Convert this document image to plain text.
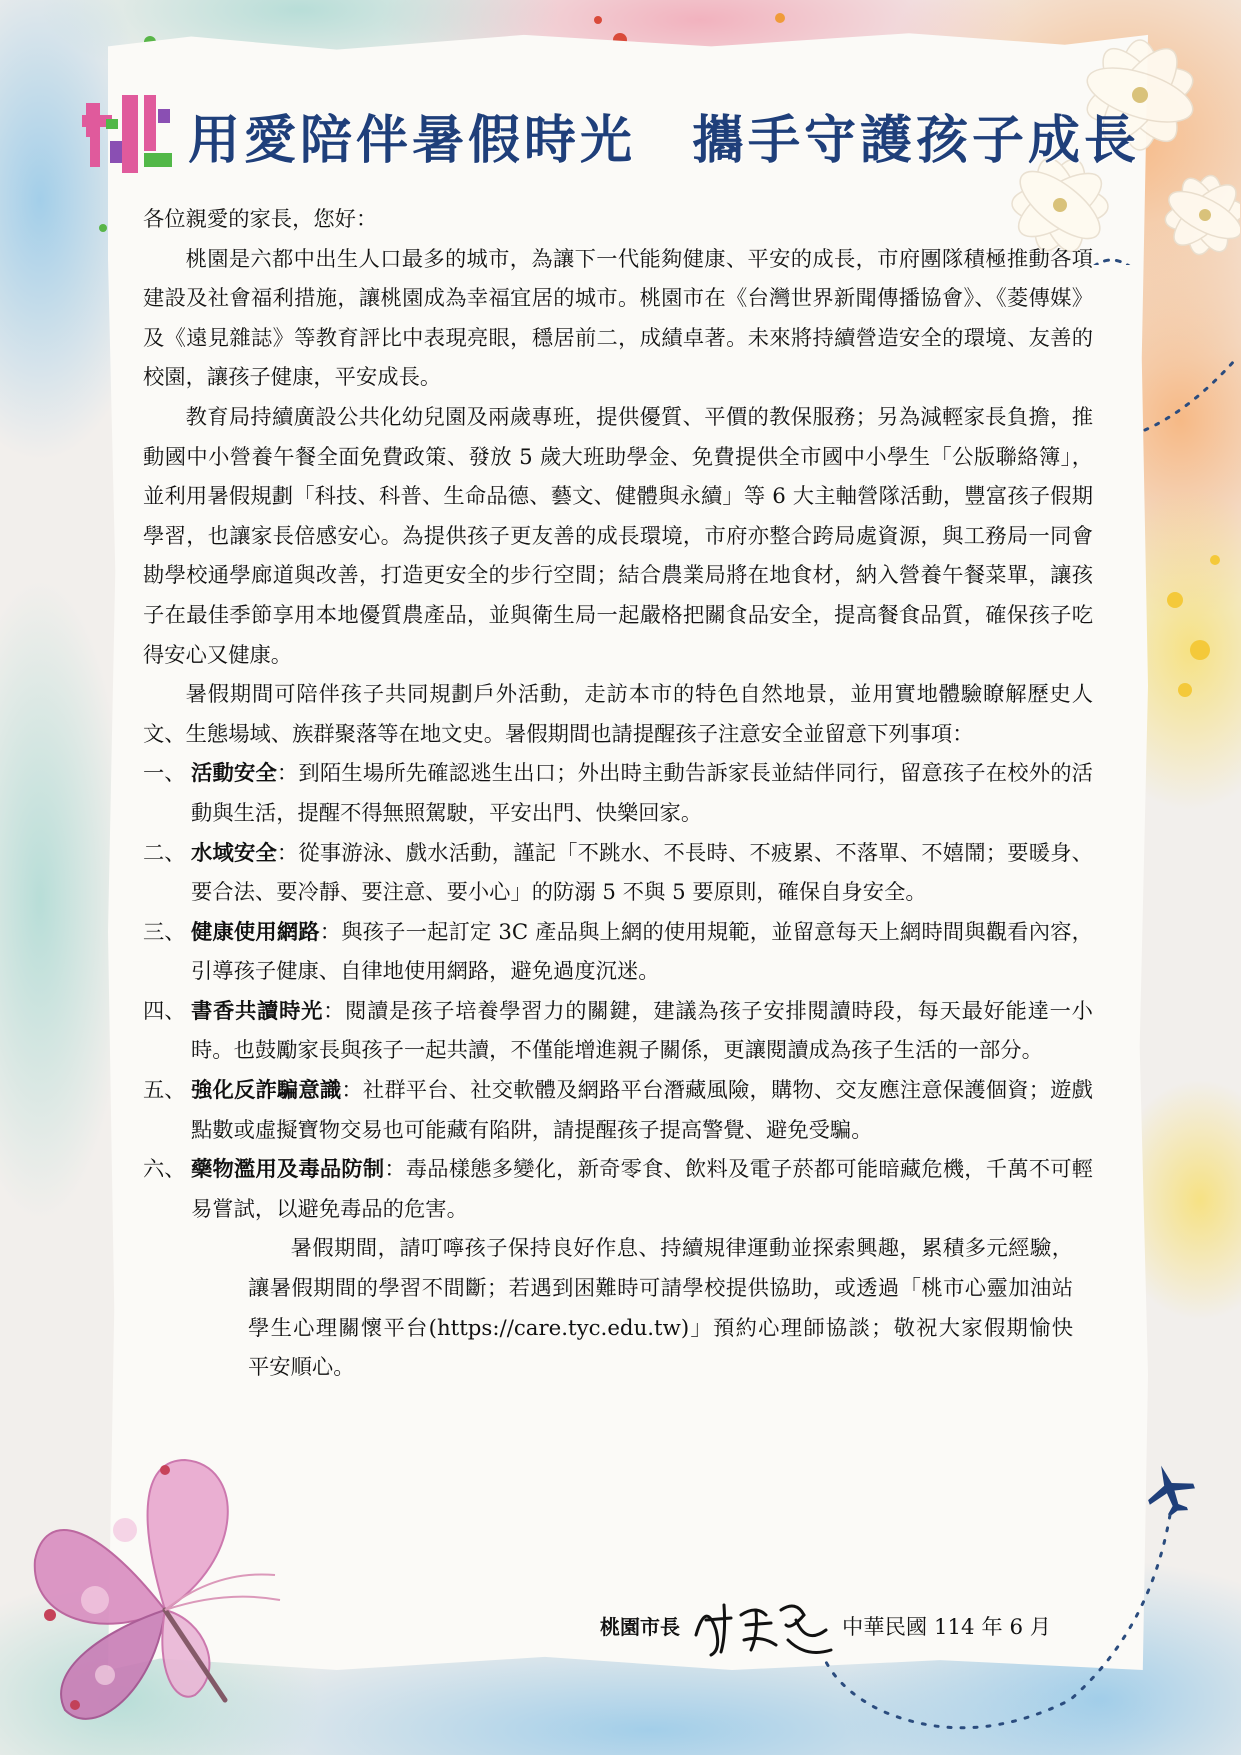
用愛陪伴暑假時光　攜手守護孩子成長

各位親愛的家長，您好：

桃園是六都中出生人口最多的城市，為讓下一代能夠健康、平安的成長，市府團隊積極推動各項建設及社會福利措施，讓桃園成為幸福宜居的城市。桃園市在《台灣世界新聞傳播協會》、《菱傳媒》及《遠見雜誌》等教育評比中表現亮眼，穩居前二，成績卓著。未來將持續營造安全的環境、友善的校園，讓孩子健康，平安成長。

教育局持續廣設公共化幼兒園及兩歲專班，提供優質、平價的教保服務；另為減輕家長負擔，推動國中小營養午餐全面免費政策、發放 5 歲大班助學金、免費提供全市國中小學生「公版聯絡簿」，並利用暑假規劃「科技、科普、生命品德、藝文、健體與永續」等 6 大主軸營隊活動，豐富孩子假期學習，也讓家長倍感安心。為提供孩子更友善的成長環境，市府亦整合跨局處資源，與工務局一同會勘學校通學廊道與改善，打造更安全的步行空間；結合農業局將在地食材，納入營養午餐菜單，讓孩子在最佳季節享用本地優質農產品，並與衛生局一起嚴格把關食品安全，提高餐食品質，確保孩子吃得安心又健康。

暑假期間可陪伴孩子共同規劃戶外活動，走訪本市的特色自然地景，並用實地體驗瞭解歷史人文、生態場域、族群聚落等在地文史。暑假期間也請提醒孩子注意安全並留意下列事項：

一、 活動安全：到陌生場所先確認逃生出口；外出時主動告訴家長並結伴同行，留意孩子在校外的活動與生活，提醒不得無照駕駛，平安出門、快樂回家。
二、 水域安全：從事游泳、戲水活動，謹記「不跳水、不長時、不疲累、不落單、不嬉鬧；要暖身、要合法、要冷靜、要注意、要小心」的防溺 5 不與 5 要原則，確保自身安全。
三、 健康使用網路：與孩子一起訂定 3C 產品與上網的使用規範，並留意每天上網時間與觀看內容，引導孩子健康、自律地使用網路，避免過度沉迷。
四、 書香共讀時光：閱讀是孩子培養學習力的關鍵，建議為孩子安排閱讀時段，每天最好能達一小時。也鼓勵家長與孩子一起共讀，不僅能增進親子關係，更讓閱讀成為孩子生活的一部分。
五、 強化反詐騙意識：社群平台、社交軟體及網路平台潛藏風險，購物、交友應注意保護個資；遊戲點數或虛擬寶物交易也可能藏有陷阱，請提醒孩子提高警覺、避免受騙。
六、 藥物濫用及毒品防制：毒品樣態多變化，新奇零食、飲料及電子菸都可能暗藏危機，千萬不可輕易嘗試，以避免毒品的危害。

暑假期間，請叮嚀孩子保持良好作息、持續規律運動並探索興趣，累積多元經驗，讓暑假期間的學習不間斷；若遇到困難時可請學校提供協助，或透過「桃市心靈加油站學生心理關懷平台(https://care.tyc.edu.tw)」預約心理師協談；敬祝大家假期愉快　平安順心。

桃園市長	中華民國 114 年 6 月
